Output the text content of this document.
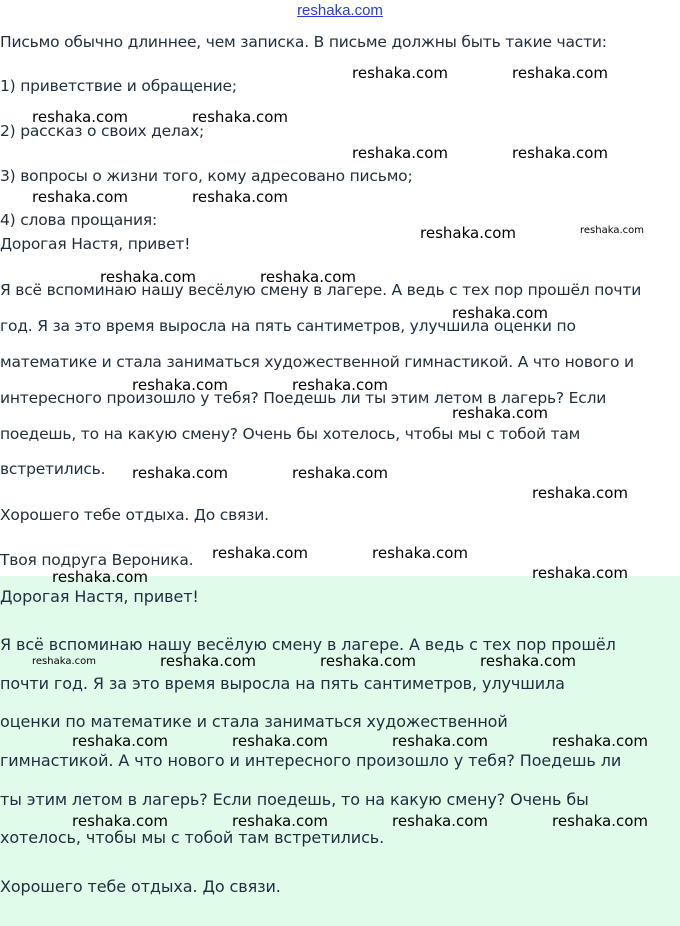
reshaka.com
Письмо обычно длиннее, чем записка. В письме должны быть такие части:
1) приветствие и обращение;
2) рассказ о своих делах;
3) вопросы о жизни того, кому адресовано письмо;
4) слова прощания:
Дорогая Настя, привет!
Я всё вспоминаю нашу весёлую смену в лагере. А ведь с тех пор прошёл почти
год. Я за это время выросла на пять сантиметров, улучшила оценки по
математике и стала заниматься художественной гимнастикой. А что нового и
интересного произошло у тебя? Поедешь ли ты этим летом в лагерь? Если
поедешь, то на какую смену? Очень бы хотелось, чтобы мы с тобой там
встретились.
Хорошего тебе отдыха. До связи.
Твоя подруга Вероника.
Дорогая Настя, привет!
Я всё вспоминаю нашу весёлую смену в лагере. А ведь с тех пор прошёл
почти год. Я за это время выросла на пять сантиметров, улучшила
оценки по математике и стала заниматься художественной
гимнастикой. А что нового и интересного произошло у тебя? Поедешь ли
ты этим летом в лагерь? Если поедешь, то на какую смену? Очень бы
хотелось, чтобы мы с тобой там встретились.
Хорошего тебе отдыха. До связи.
reshaka.com	reshaka.com
reshaka.com	reshaka.com
reshaka.com	reshaka.com
reshaka.com	reshaka.com
reshaka.com	reshaka.com
reshaka.com	reshaka.com
reshaka.com
reshaka.com	reshaka.com
reshaka.com
reshaka.com	reshaka.com
reshaka.com
reshaka.com	reshaka.com
reshaka.com	reshaka.com
reshaka.com	reshaka.com	reshaka.com	reshaka.com
reshaka.com	reshaka.com	reshaka.com	reshaka.com
reshaka.com	reshaka.com	reshaka.com	reshaka.com
